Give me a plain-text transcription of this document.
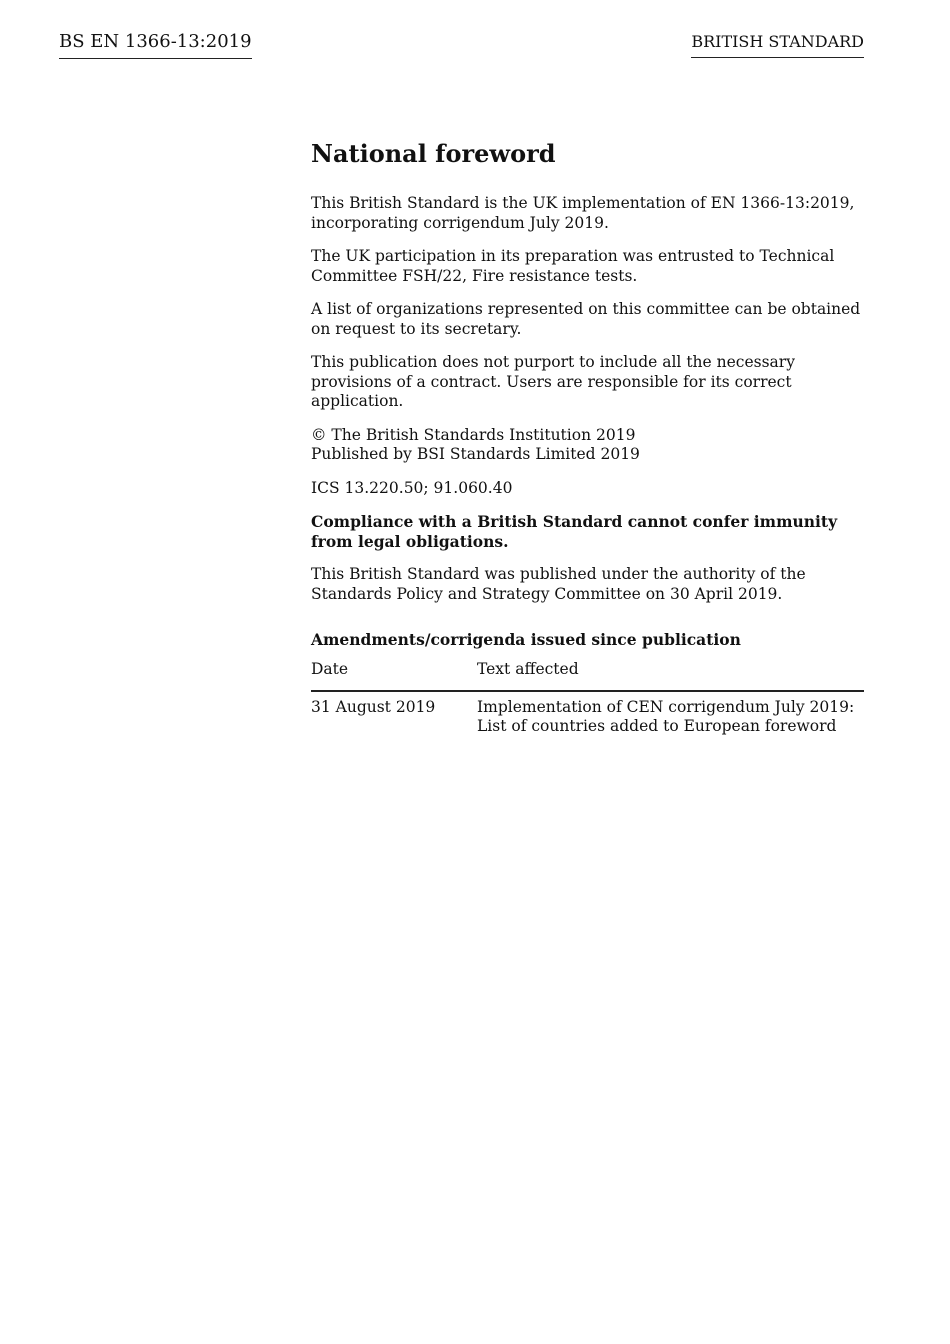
BS EN 1366-13:2019	BRITISH STANDARD
National foreword

This British Standard is the UK implementation of EN 1366-13:2019, incorporating corrigendum July 2019.

The UK participation in its preparation was entrusted to Technical Committee FSH/22, Fire resistance tests.

A list of organizations represented on this committee can be obtained on request to its secretary.

This publication does not purport to include all the necessary provisions of a contract. Users are responsible for its correct application.

© The British Standards Institution 2019
Published by BSI Standards Limited 2019

ICS 13.220.50; 91.060.40

Compliance with a British Standard cannot confer immunity from legal obligations.

This British Standard was published under the authority of the Standards Policy and Strategy Committee on 30 April 2019.

Amendments/corrigenda issued since publication
Date	Text affected
31 August 2019	Implementation of CEN corrigendum July 2019:
List of countries added to European foreword
